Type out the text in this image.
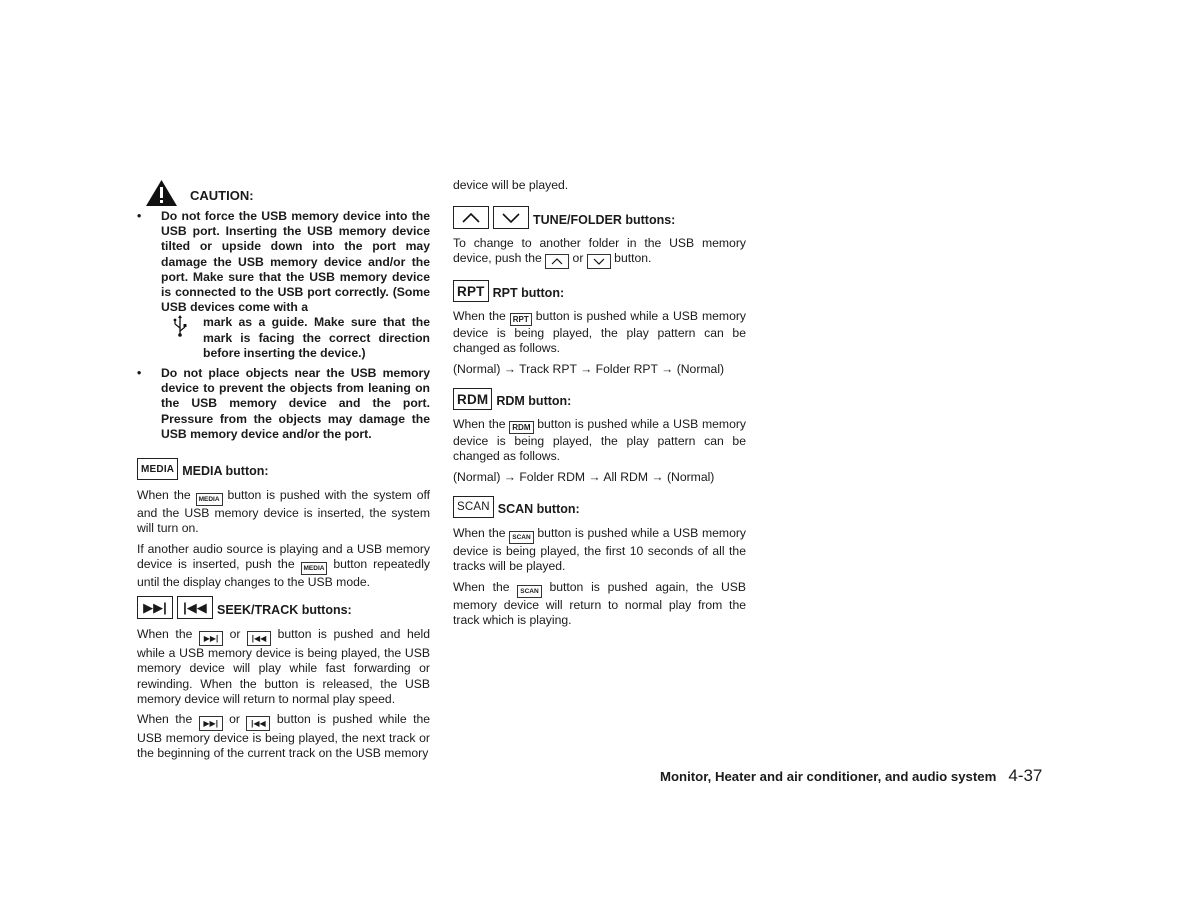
CAUTION:
• Do not force the USB memory device into the USB port. Inserting the USB memory device tilted or upside down into the port may damage the USB memory device and/or the port. Make sure that the USB memory device is connected to the USB port correctly. (Some USB devices come with a
mark as a guide. Make sure that the mark is facing the correct direction before inserting the device.)
• Do not place objects near the USB memory device to prevent the objects from leaning on the USB memory device and the port. Pressure from the objects may damage the USB memory device and/or the port.
MEDIA MEDIA button:

When the MEDIA button is pushed with the system off and the USB memory device is inserted, the system will turn on.

If another audio source is playing and a USB memory device is inserted, push the MEDIA button repeatedly until the display changes to the USB mode.

▶▶|	|◀◀ SEEK/TRACK buttons:

When the ▶▶| or |◀◀ button is pushed and held while a USB memory device is being played, the USB memory device will play while fast forwarding or rewinding. When the button is released, the USB memory device will return to normal play speed.

When the ▶▶| or |◀◀ button is pushed while the USB memory device is being played, the next track or the beginning of the current track on the USB memory

device will be played.

TUNE/FOLDER buttons:

To change to another folder in the USB memory device, push the	or	button.

RPT RPT button:

When the RPT button is pushed while a USB memory device is being played, the play pattern can be changed as follows.

(Normal) → Track RPT → Folder RPT → (Normal)

RDM RDM button:

When the RDM button is pushed while a USB memory device is being played, the play pattern can be changed as follows.

(Normal) → Folder RDM → All RDM → (Normal)

SCAN SCAN button:

When the SCAN button is pushed while a USB memory device is being played, the first 10 seconds of all the tracks will be played.

When the SCAN button is pushed again, the USB memory device will return to normal play from the track which is playing.

Monitor, Heater and air conditioner, and audio system 4-37
